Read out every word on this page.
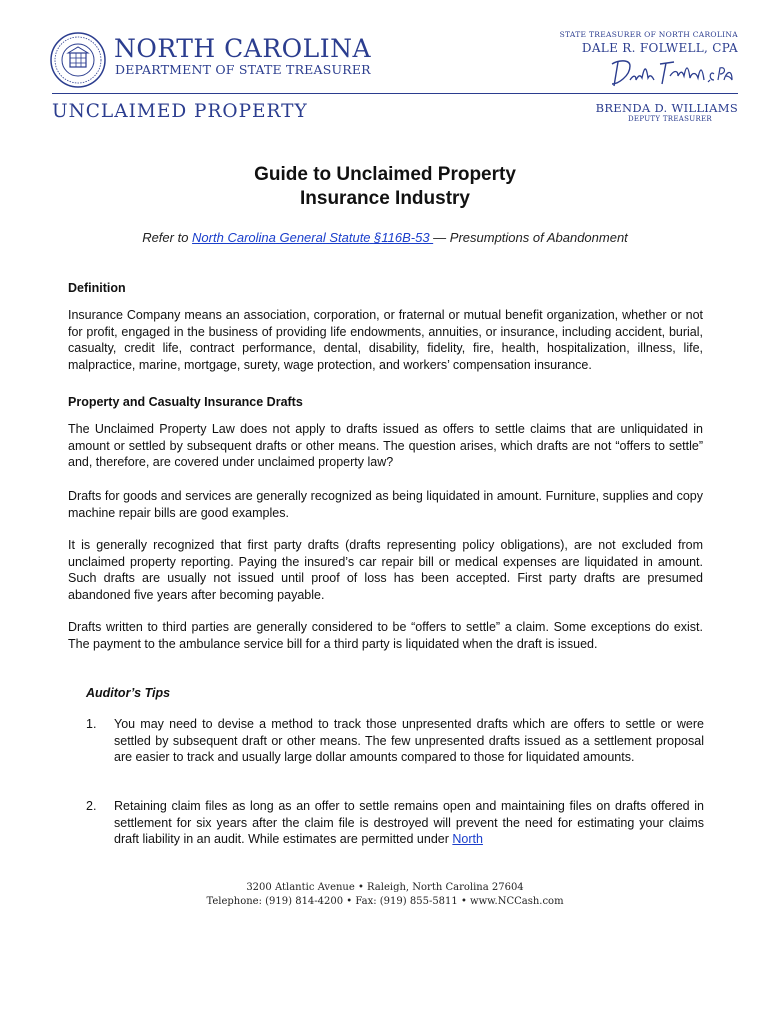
NORTH CAROLINA
DEPARTMENT OF STATE TREASURER
UNCLAIMED PROPERTY
STATE TREASURER OF NORTH CAROLINA
DALE R. FOLWELL, CPA
BRENDA D. WILLIAMS
DEPUTY TREASURER
Guide to Unclaimed Property
Insurance Industry
Refer to North Carolina General Statute §116B-53 — Presumptions of Abandonment
Definition
Insurance Company means an association, corporation, or fraternal or mutual benefit organization, whether or not for profit, engaged in the business of providing life endowments, annuities, or insurance, including accident, burial, casualty, credit life, contract performance, dental, disability, fidelity, fire, health, hospitalization, illness, life, malpractice, marine, mortgage, surety, wage protection, and workers’ compensation insurance.
Property and Casualty Insurance Drafts
The Unclaimed Property Law does not apply to drafts issued as offers to settle claims that are unliquidated in amount or settled by subsequent drafts or other means. The question arises, which drafts are not “offers to settle” and, therefore, are covered under unclaimed property law?
Drafts for goods and services are generally recognized as being liquidated in amount. Furniture, supplies and copy machine repair bills are good examples.
It is generally recognized that first party drafts (drafts representing policy obligations), are not excluded from unclaimed property reporting. Paying the insured’s car repair bill or medical expenses are liquidated in amount. Such drafts are usually not issued until proof of loss has been accepted. First party drafts are presumed abandoned five years after becoming payable.
Drafts written to third parties are generally considered to be “offers to settle” a claim. Some exceptions do exist. The payment to the ambulance service bill for a third party is liquidated when the draft is issued.
Auditor’s Tips
1. You may need to devise a method to track those unpresented drafts which are offers to settle or were settled by subsequent draft or other means. The few unpresented drafts issued as a settlement proposal are easier to track and usually large dollar amounts compared to those for liquidated amounts.
2. Retaining claim files as long as an offer to settle remains open and maintaining files on drafts offered in settlement for six years after the claim file is destroyed will prevent the need for estimating your claims draft liability in an audit. While estimates are permitted under North
3200 Atlantic Avenue • Raleigh, North Carolina 27604
Telephone: (919) 814-4200 • Fax: (919) 855-5811 • www.NCCash.com
